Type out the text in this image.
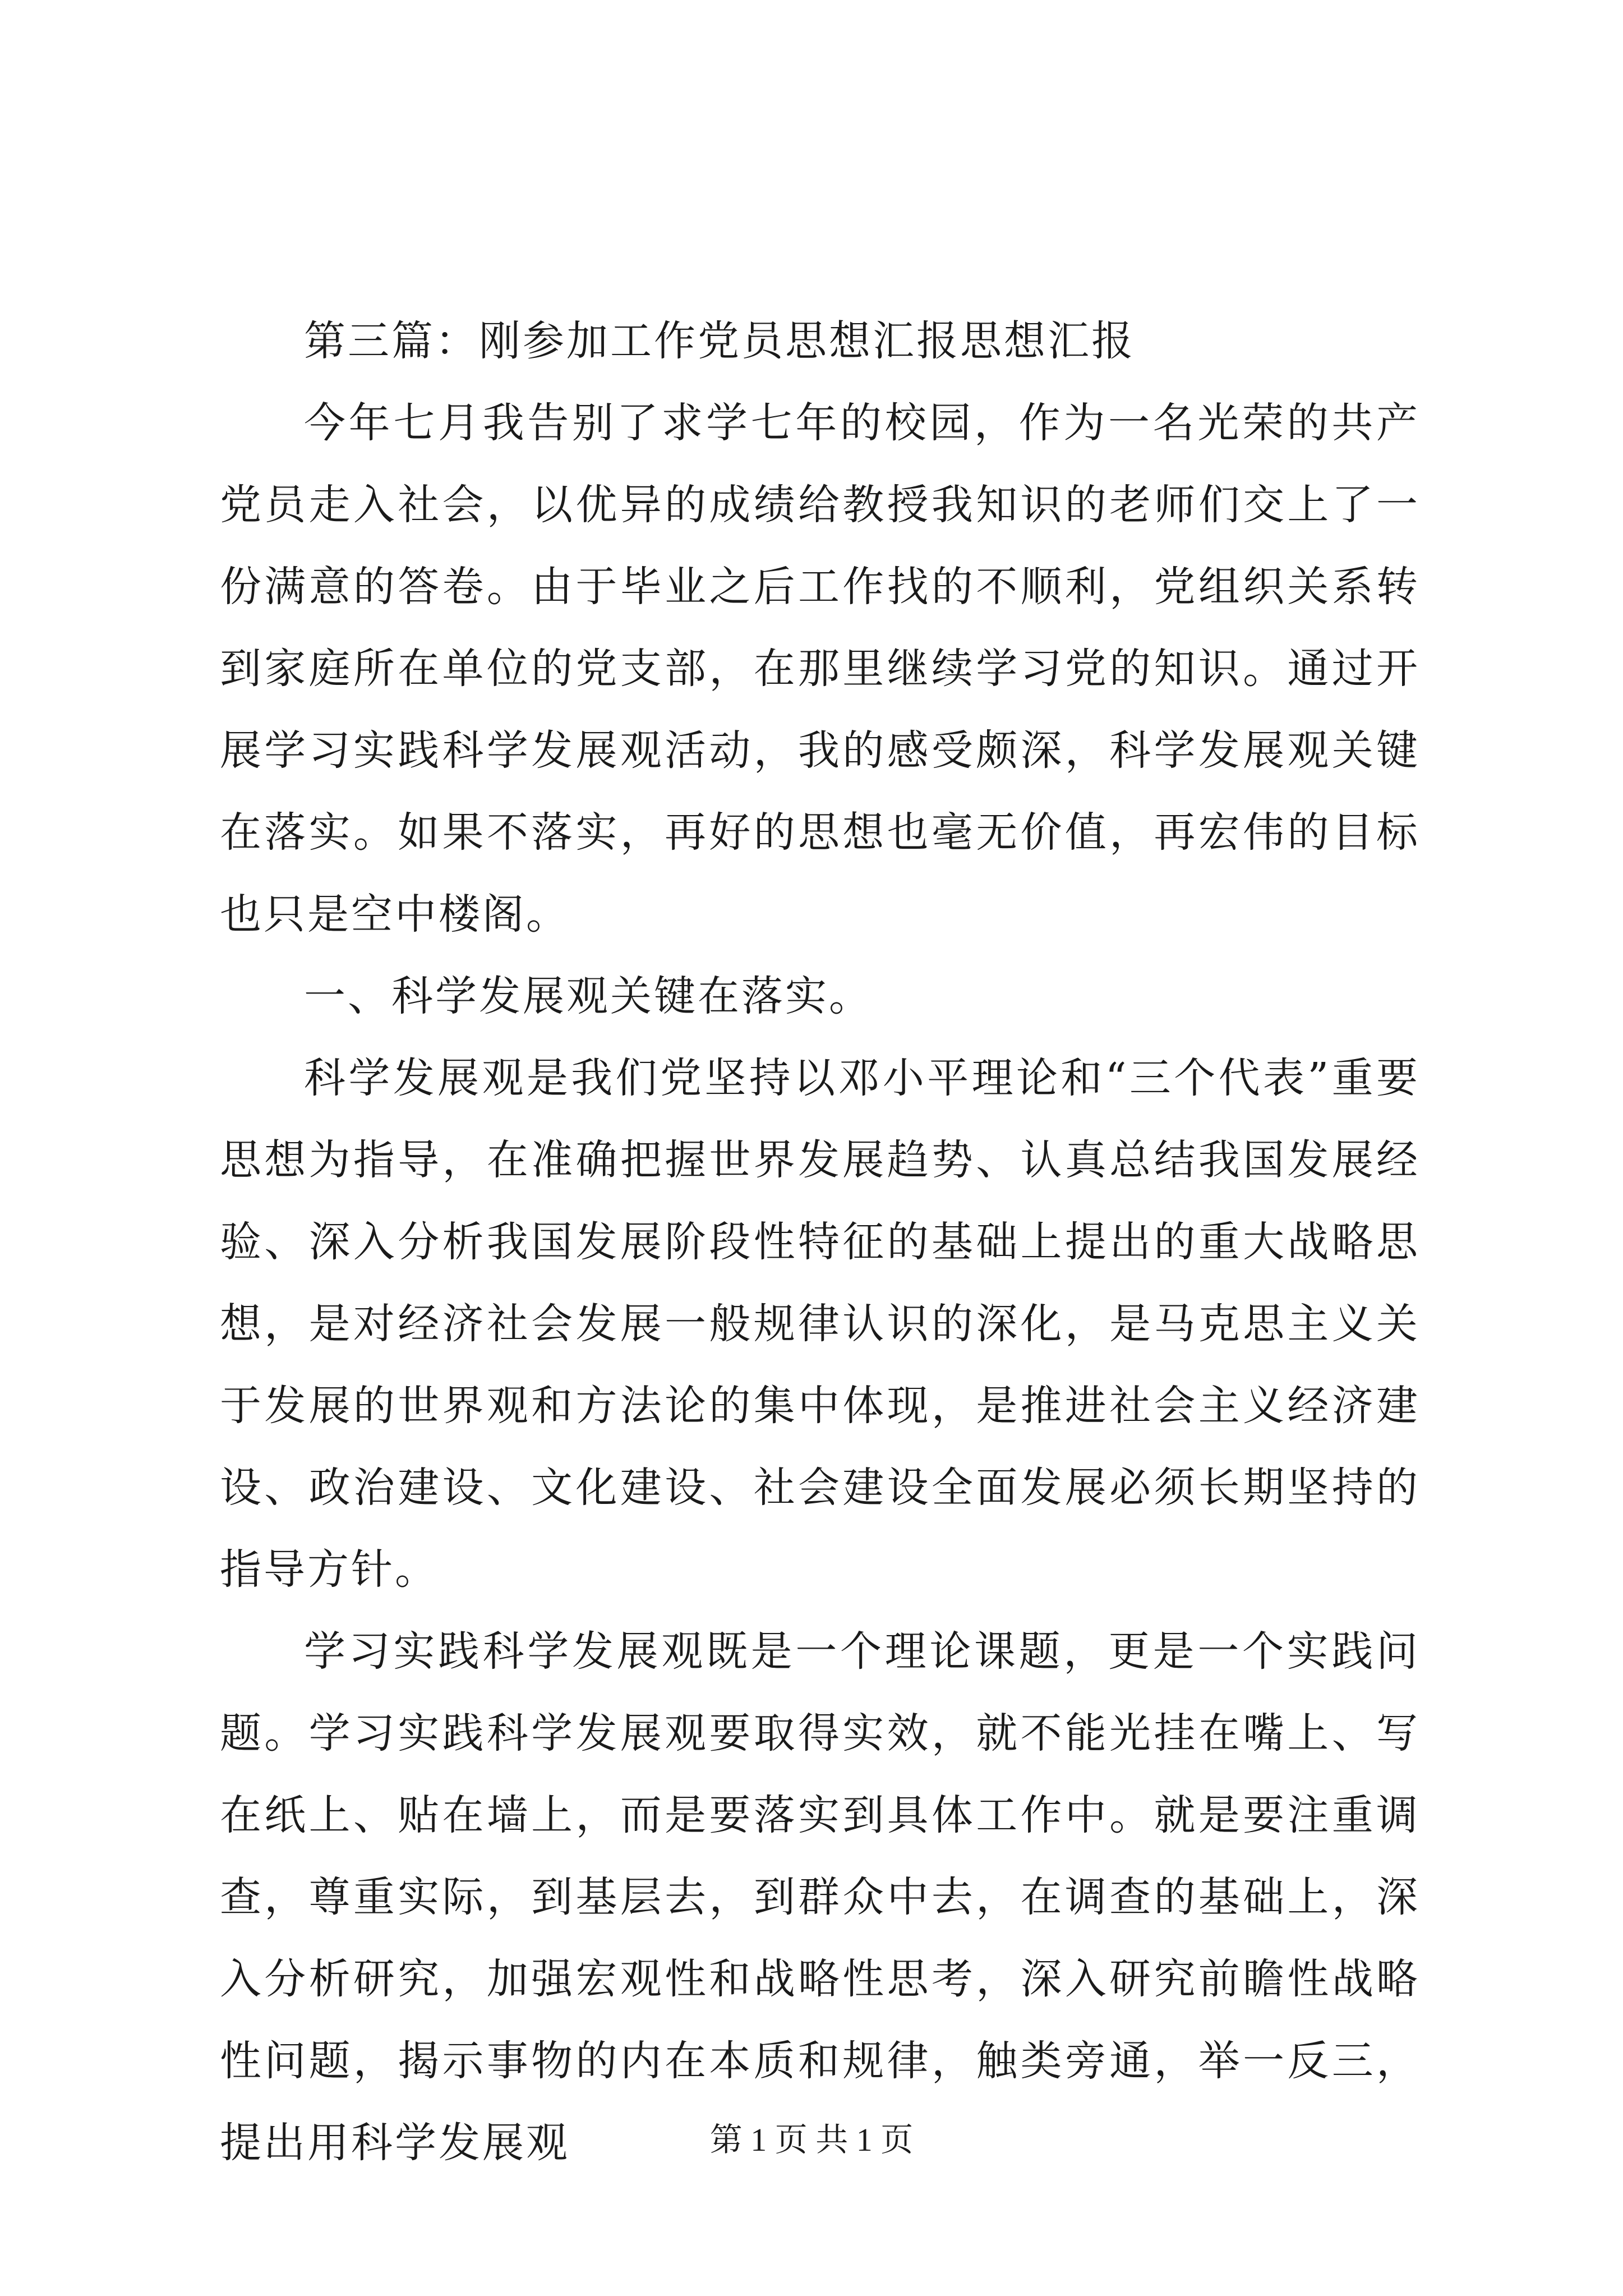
第三篇：刚参加工作党员思想汇报思想汇报

今年七月我告别了求学七年的校园，作为一名光荣的共产党员走入社会，以优异的成绩给教授我知识的老师们交上了一份满意的答卷。由于毕业之后工作找的不顺利，党组织关系转到家庭所在单位的党支部，在那里继续学习党的知识。通过开展学习实践科学发展观活动，我的感受颇深，科学发展观关键在落实。如果不落实，再好的思想也毫无价值，再宏伟的目标也只是空中楼阁。

一、科学发展观关键在落实。

科学发展观是我们党坚持以邓小平理论和“三个代表”重要思想为指导，在准确把握世界发展趋势、认真总结我国发展经验、深入分析我国发展阶段性特征的基础上提出的重大战略思想，是对经济社会发展一般规律认识的深化，是马克思主义关于发展的世界观和方法论的集中体现，是推进社会主义经济建设、政治建设、文化建设、社会建设全面发展必须长期坚持的指导方针。

学习实践科学发展观既是一个理论课题，更是一个实践问题。学习实践科学发展观要取得实效，就不能光挂在嘴上、写在纸上、贴在墙上，而是要落实到具体工作中。就是要注重调查，尊重实际，到基层去，到群众中去，在调查的基础上，深入分析研究，加强宏观性和战略性思考，深入研究前瞻性战略性问题，揭示事物的内在本质和规律，触类旁通，举一反三，提出用科学发展观	第 1 页 共 1 页
